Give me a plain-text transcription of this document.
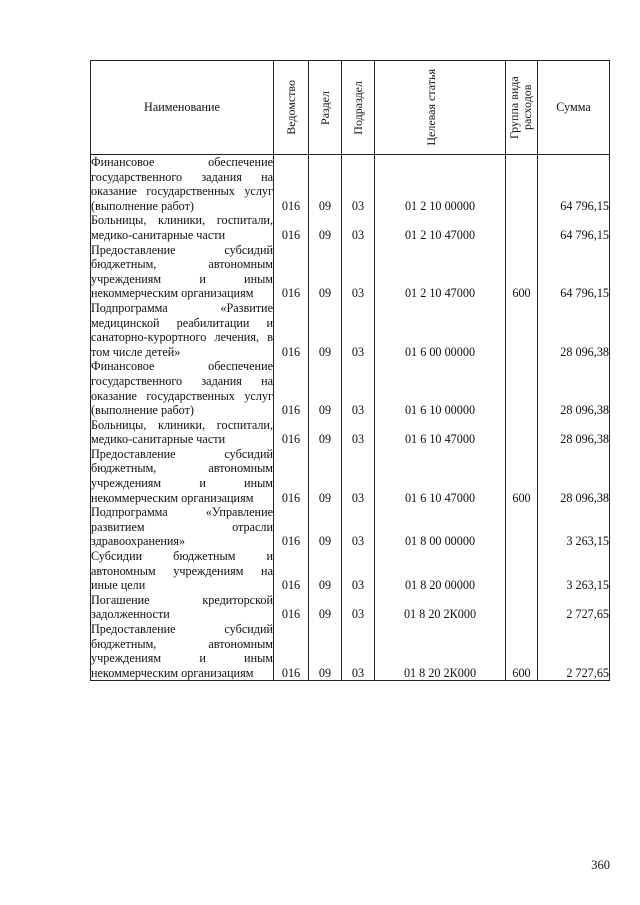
Наименование	Ведомство	Раздел	Подраздел	Целевая статья	Группа вида расходов	Сумма

Финансовое обеспечение государственного задания на оказание государственных услуг (выполнение работ)	016	09	03	01 2 10 00000		64 796,15

Больницы, клиники, госпитали, медико-санитарные части	016	09	03	01 2 10 47000		64 796,15

Предоставление субсидий бюджетным, автономным учреждениям и иным некоммерческим организациям	016	09	03	01 2 10 47000	600	64 796,15

Подпрограмма «Развитие медицинской реабилитации и санаторно-курортного лечения, в том числе детей»	016	09	03	01 6 00 00000		28 096,38

Финансовое обеспечение государственного задания на оказание государственных услуг (выполнение работ)	016	09	03	01 6 10 00000		28 096,38

Больницы, клиники, госпитали, медико-санитарные части	016	09	03	01 6 10 47000		28 096,38

Предоставление субсидий бюджетным, автономным учреждениям и иным некоммерческим организациям	016	09	03	01 6 10 47000	600	28 096,38

Подпрограмма «Управление развитием отрасли здравоохранения»	016	09	03	01 8 00 00000		3 263,15

Субсидии бюджетным и автономным учреждениям на иные цели	016	09	03	01 8 20 00000		3 263,15

Погашение кредиторской задолженности	016	09	03	01 8 20 2К000		2 727,65

Предоставление субсидий бюджетным, автономным учреждениям и иным некоммерческим организациям	016	09	03	01 8 20 2К000	600	2 727,65
360
